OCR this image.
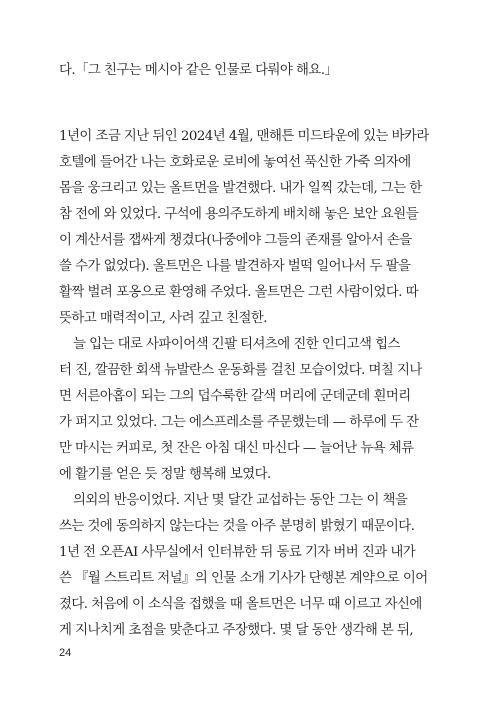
다.「그 친구는 메시아 같은 인물로 다뤄야 해요.」
1년이 조금 지난 뒤인 2024년 4월, 맨해튼 미드타운에 있는 바카라
호텔에 들어간 나는 호화로운 로비에 놓여선 푹신한 가죽 의자에
몸을 웅크리고 있는 올트먼을 발견했다. 내가 일찍 갔는데, 그는 한
참 전에 와 있었다. 구석에 용의주도하게 배치해 놓은 보안 요원들
이 계산서를 잽싸게 챙겼다(나중에야 그들의 존재를 알아서 손을
쓸 수가 없었다). 올트먼은 나를 발견하자 벌떡 일어나서 두 팔을
활짝 벌려 포옹으로 환영해 주었다. 올트먼은 그런 사람이었다. 따
뜻하고 매력적이고, 사려 깊고 친절한.
늘 입는 대로 사파이어색 긴팔 티셔츠에 진한 인디고색 힙스
터 진, 깔끔한 회색 뉴발란스 운동화를 걸친 모습이었다. 며칠 지나
면 서른아홉이 되는 그의 덥수룩한 갈색 머리에 군데군데 흰머리
가 퍼지고 있었다. 그는 에스프레소를 주문했는데 — 하루에 두 잔
만 마시는 커피로, 첫 잔은 아침 대신 마신다 — 늘어난 뉴욕 체류
에 활기를 얻은 듯 정말 행복해 보였다.
의외의 반응이었다. 지난 몇 달간 교섭하는 동안 그는 이 책을
쓰는 것에 동의하지 않는다는 것을 아주 분명히 밝혔기 때문이다.
1년 전 오픈AI 사무실에서 인터뷰한 뒤 동료 기자 버버 진과 내가
쓴 『월 스트리트 저널』의 인물 소개 기사가 단행본 계약으로 이어
졌다. 처음에 이 소식을 접했을 때 올트먼은 너무 때 이르고 자신에
게 지나치게 초점을 맞춘다고 주장했다. 몇 달 동안 생각해 본 뒤,
24
